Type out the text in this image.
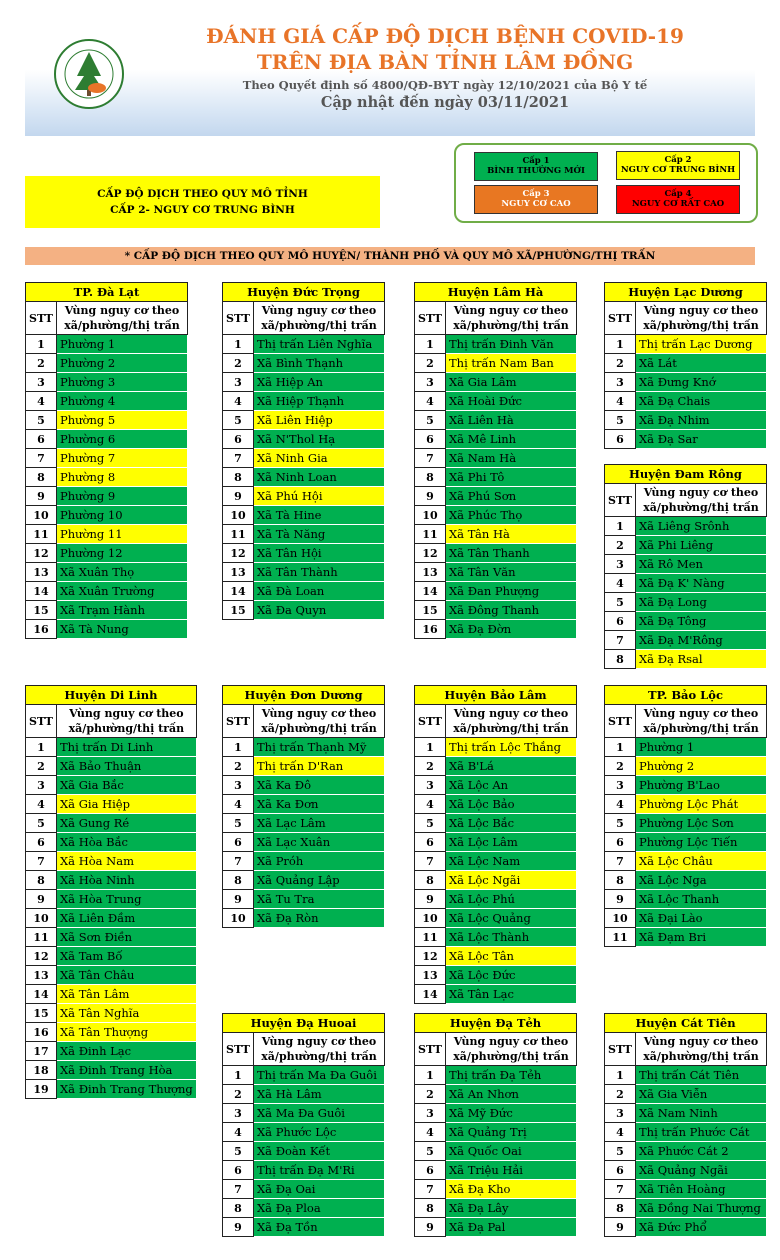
ĐÁNH GIÁ CẤP ĐỘ DỊCH BỆNH COVID-19
TRÊN ĐỊA BÀN TỈNH LÂM ĐỒNG
Theo Quyết định số 4800/QĐ-BYT ngày 12/10/2021 của Bộ Y tế
Cập nhật đến ngày 03/11/2021
CẤP ĐỘ DỊCH THEO QUY MÔ TỈNH
CẤP 2- NGUY CƠ TRUNG BÌNH
Cấp 1
BÌNH THƯỜNG MỚI
Cấp 2
NGUY CƠ TRUNG BÌNH
Cấp 3
NGUY CƠ CAO
Cấp 4
NGUY CƠ RẤT CAO
* CẤP ĐỘ DỊCH THEO QUY MÔ HUYỆN/ THÀNH PHỐ VÀ QUY MÔ XÃ/PHƯỜNG/THỊ TRẤN
TP. Đà Lạt	
STT	Vùng nguy cơ theo xã/phường/thị trấn
1	Phường 1
2	Phường 2
3	Phường 3
4	Phường 4
5	Phường 5
6	Phường 6
7	Phường 7
8	Phường 8
9	Phường 9
10	Phường 10
11	Phường 11
12	Phường 12
13	Xã Xuân Thọ
14	Xã Xuân Trường
15	Xã Trạm Hành
16	Xã Tà Nung
Huyện Đức Trọng	
STT	Vùng nguy cơ theo xã/phường/thị trấn
1	Thị trấn Liên Nghĩa
2	Xã Bình Thạnh
3	Xã Hiệp An
4	Xã Hiệp Thạnh
5	Xã Liên Hiệp
6	Xã N'Thol Hạ
7	Xã Ninh Gia
8	Xã Ninh Loan
9	Xã Phú Hội
10	Xã Tà Hine
11	Xã Tà Năng
12	Xã Tân Hội
13	Xã Tân Thành
14	Xã Đà Loan
15	Xã Đa Quyn
Huyện Lâm Hà	
STT	Vùng nguy cơ theo xã/phường/thị trấn
1	Thị trấn Đinh Văn
2	Thị trấn Nam Ban
3	Xã Gia Lâm
4	Xã Hoài Đức
5	Xã Liên Hà
6	Xã Mê Linh
7	Xã Nam Hà
8	Xã Phi Tô
9	Xã Phú Sơn
10	Xã Phúc Thọ
11	Xã Tân Hà
12	Xã Tân Thanh
13	Xã Tân Văn
14	Xã Đan Phượng
15	Xã Đông Thanh
16	Xã Đạ Đờn
Huyện Lạc Dương	
STT	Vùng nguy cơ theo xã/phường/thị trấn
1	Thị trấn Lạc Dương
2	Xã Lát
3	Xã Đưng Knớ
4	Xã Đạ Chais
5	Xã Đạ Nhim
6	Xã Đạ Sar
Huyện Đam Rông	
STT	Vùng nguy cơ theo xã/phường/thị trấn
1	Xã Liêng Srônh
2	Xã Phi Liêng
3	Xã Rô Men
4	Xã Đạ K' Nàng
5	Xã Đạ Long
6	Xã Đạ Tông
7	Xã Đạ M'Rông
8	Xã Đạ Rsal
Huyện Di Linh	
STT	Vùng nguy cơ theo xã/phường/thị trấn
1	Thị trấn Di Linh
2	Xã Bảo Thuận
3	Xã Gia Bắc
4	Xã Gia Hiệp
5	Xã Gung Ré
6	Xã Hòa Bắc
7	Xã Hòa Nam
8	Xã Hòa Ninh
9	Xã Hòa Trung
10	Xã Liên Đầm
11	Xã Sơn Điền
12	Xã Tam Bố
13	Xã Tân Châu
14	Xã Tân Lâm
15	Xã Tân Nghĩa
16	Xã Tân Thượng
17	Xã Đinh Lạc
18	Xã Đinh Trang Hòa
19	Xã Đinh Trang Thượng
Huyện Đơn Dương	
STT	Vùng nguy cơ theo xã/phường/thị trấn
1	Thị trấn Thạnh Mỹ
2	Thị trấn D'Ran
3	Xã Ka Đô
4	Xã Ka Đơn
5	Xã Lạc Lâm
6	Xã Lạc Xuân
7	Xã Próh
8	Xã Quảng Lập
9	Xã Tu Tra
10	Xã Đạ Ròn
Huyện Bảo Lâm	
STT	Vùng nguy cơ theo xã/phường/thị trấn
1	Thị trấn Lộc Thắng
2	Xã B'Lá
3	Xã Lộc An
4	Xã Lộc Bảo
5	Xã Lộc Bắc
6	Xã Lộc Lâm
7	Xã Lộc Nam
8	Xã Lộc Ngãi
9	Xã Lộc Phú
10	Xã Lộc Quảng
11	Xã Lộc Thành
12	Xã Lộc Tân
13	Xã Lộc Đức
14	Xã Tân Lạc
TP. Bảo Lộc	
STT	Vùng nguy cơ theo xã/phường/thị trấn
1	Phường 1
2	Phường 2
3	Phường B'Lao
4	Phường Lộc Phát
5	Phường Lộc Sơn
6	Phường Lộc Tiến
7	Xã Lộc Châu
8	Xã Lộc Nga
9	Xã Lộc Thanh
10	Xã Đại Lào
11	Xã Đạm Bri
Huyện Đạ Huoai	
STT	Vùng nguy cơ theo xã/phường/thị trấn
1	Thị trấn Ma Đa Guôi
2	Xã Hà Lâm
3	Xã Ma Đa Guôi
4	Xã Phước Lộc
5	Xã Đoàn Kết
6	Thị trấn Đạ M'Ri
7	Xã Đạ Oai
8	Xã Đạ Ploa
9	Xã Đạ Tồn
Huyện Đạ Tẻh	
STT	Vùng nguy cơ theo xã/phường/thị trấn
1	Thị trấn Đạ Tẻh
2	Xã An Nhơn
3	Xã Mỹ Đức
4	Xã Quảng Trị
5	Xã Quốc Oai
6	Xã Triệu Hải
7	Xã Đạ Kho
8	Xã Đạ Lây
9	Xã Đạ Pal
Huyện Cát Tiên	
STT	Vùng nguy cơ theo xã/phường/thị trấn
1	Thị trấn Cát Tiên
2	Xã Gia Viễn
3	Xã Nam Ninh
4	Thị trấn Phước Cát
5	Xã Phước Cát 2
6	Xã Quảng Ngãi
7	Xã Tiên Hoàng
8	Xã Đồng Nai Thượng
9	Xã Đức Phổ
